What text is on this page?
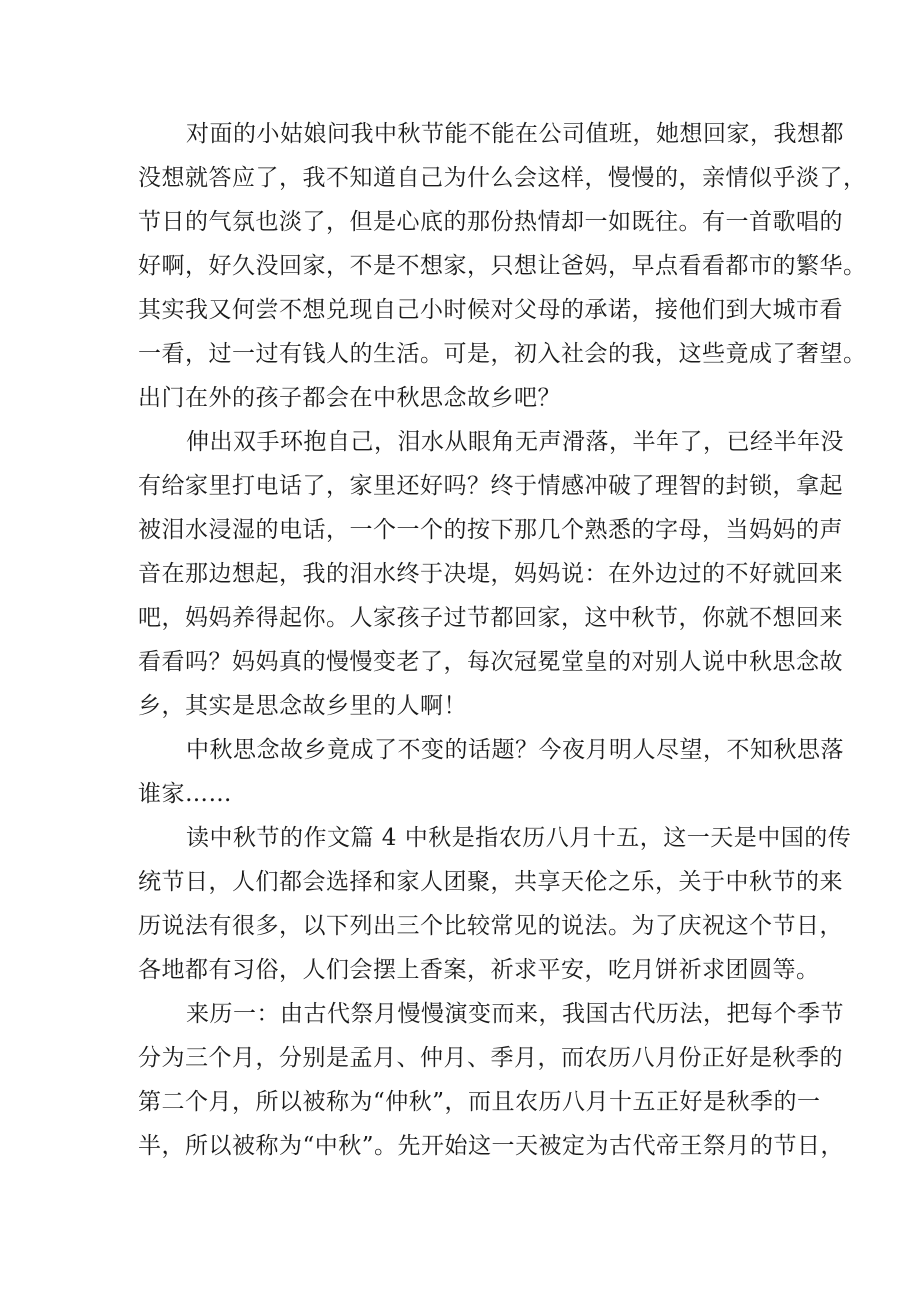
对面的小姑娘问我中秋节能不能在公司值班，她想回家，我想都
没想就答应了，我不知道自己为什么会这样，慢慢的，亲情似乎淡了，
节日的气氛也淡了，但是心底的那份热情却一如既往。有一首歌唱的
好啊，好久没回家，不是不想家，只想让爸妈，早点看看都市的繁华。
其实我又何尝不想兑现自己小时候对父母的承诺，接他们到大城市看
一看，过一过有钱人的生活。可是，初入社会的我，这些竟成了奢望。
出门在外的孩子都会在中秋思念故乡吧？
伸出双手环抱自己，泪水从眼角无声滑落，半年了，已经半年没
有给家里打电话了，家里还好吗？终于情感冲破了理智的封锁，拿起
被泪水浸湿的电话，一个一个的按下那几个熟悉的字母，当妈妈的声
音在那边想起，我的泪水终于决堤，妈妈说：在外边过的不好就回来
吧，妈妈养得起你。人家孩子过节都回家，这中秋节，你就不想回来
看看吗？妈妈真的慢慢变老了，每次冠冕堂皇的对别人说中秋思念故
乡，其实是思念故乡里的人啊！
中秋思念故乡竟成了不变的话题？今夜月明人尽望，不知秋思落
谁家……
读中秋节的作文篇 4 中秋是指农历八月十五，这一天是中国的传
统节日，人们都会选择和家人团聚，共享天伦之乐，关于中秋节的来
历说法有很多，以下列出三个比较常见的说法。为了庆祝这个节日，
各地都有习俗，人们会摆上香案，祈求平安，吃月饼祈求团圆等。
来历一：由古代祭月慢慢演变而来，我国古代历法，把每个季节
分为三个月，分别是孟月、仲月、季月，而农历八月份正好是秋季的
第二个月，所以被称为“仲秋”，而且农历八月十五正好是秋季的一
半，所以被称为“中秋”。先开始这一天被定为古代帝王祭月的节日，
